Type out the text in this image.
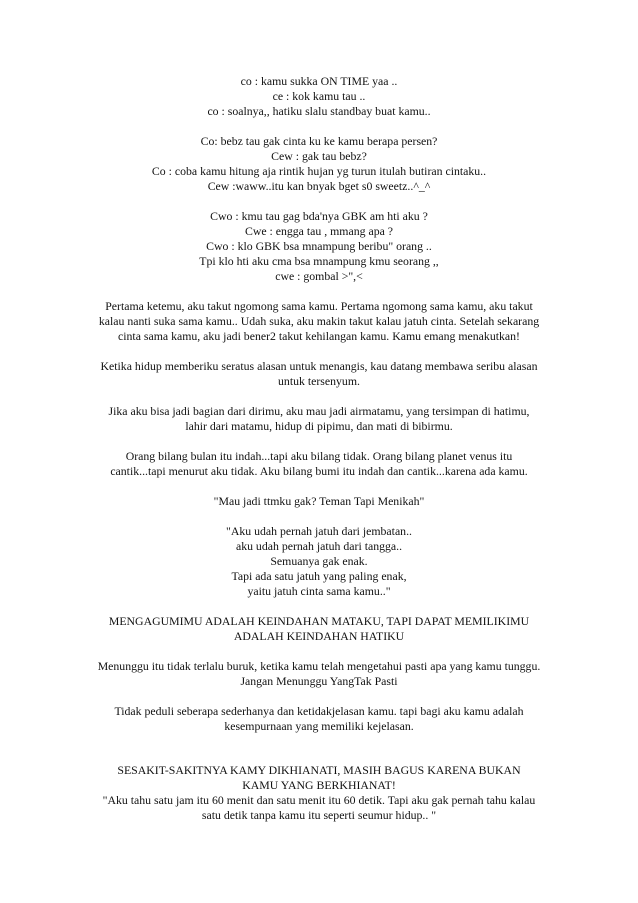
co : kamu sukka ON TIME yaa ..
ce : kok kamu tau ..
co : soalnya,, hatiku slalu standbay buat kamu..
Co: bebz tau gak cinta ku ke kamu berapa persen?
Cew : gak tau bebz?
Co : coba kamu hitung aja rintik hujan yg turun itulah butiran cintaku..
Cew :waww..itu kan bnyak bget s0 sweetz..^_^
Cwo : kmu tau gag bda'nya GBK am hti aku ?
Cwe : engga tau , mmang apa ?
Cwo : klo GBK bsa mnampung beribu" orang ..
Tpi klo hti aku cma bsa mnampung kmu seorang ,,
cwe : gombal >",<
Pertama ketemu, aku takut ngomong sama kamu. Pertama ngomong sama kamu, aku takut
kalau nanti suka sama kamu.. Udah suka, aku makin takut kalau jatuh cinta. Setelah sekarang
cinta sama kamu, aku jadi bener2 takut kehilangan kamu. Kamu emang menakutkan!
Ketika hidup memberiku seratus alasan untuk menangis, kau datang membawa seribu alasan
untuk tersenyum.
Jika aku bisa jadi bagian dari dirimu, aku mau jadi airmatamu, yang tersimpan di hatimu,
lahir dari matamu, hidup di pipimu, dan mati di bibirmu.
Orang bilang bulan itu indah...tapi aku bilang tidak. Orang bilang planet venus itu
cantik...tapi menurut aku tidak. Aku bilang bumi itu indah dan cantik...karena ada kamu.
"Mau jadi ttmku gak? Teman Tapi Menikah"
"Aku udah pernah jatuh dari jembatan..
aku udah pernah jatuh dari tangga..
Semuanya gak enak.
Tapi ada satu jatuh yang paling enak,
yaitu jatuh cinta sama kamu.."
MENGAGUMIMU ADALAH KEINDAHAN MATAKU, TAPI DAPAT MEMILIKIMU
ADALAH KEINDAHAN HATIKU
Menunggu itu tidak terlalu buruk, ketika kamu telah mengetahui pasti apa yang kamu tunggu.
Jangan Menunggu YangTak Pasti
Tidak peduli seberapa sederhanya dan ketidakjelasan kamu. tapi bagi aku kamu adalah
kesempurnaan yang memiliki kejelasan.
SESAKIT-SAKITNYA KAMY DIKHIANATI, MASIH BAGUS KARENA BUKAN
KAMU YANG BERKHIANAT!
"Aku tahu satu jam itu 60 menit dan satu menit itu 60 detik. Tapi aku gak pernah tahu kalau
satu detik tanpa kamu itu seperti seumur hidup.. "
